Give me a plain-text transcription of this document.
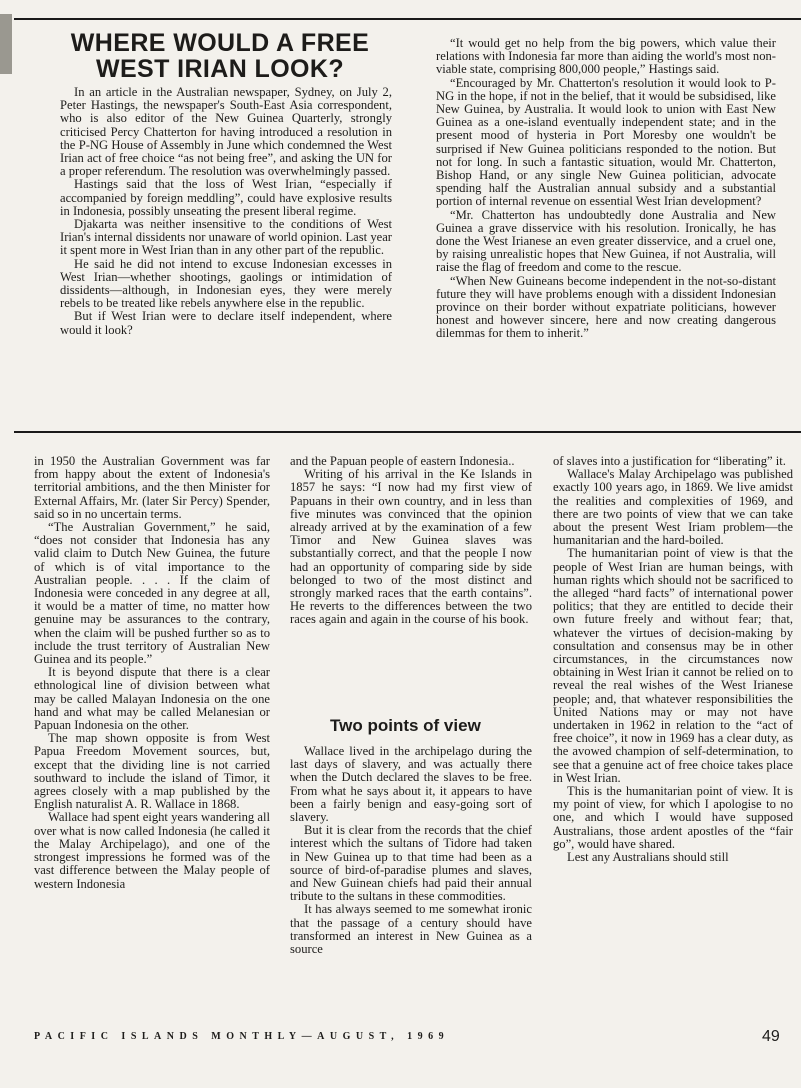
WHERE WOULD A FREE WEST IRIAN LOOK?

In an article in the Australian newspaper, Sydney, on July 2, Peter Hastings, the newspaper's South-East Asia correspondent, who is also editor of the New Guinea Quarterly, strongly criticised Percy Chatterton for having introduced a resolution in the P-NG House of Assembly in June which condemned the West Irian act of free choice “as not being free”, and asking the UN for a proper referendum. The resolution was overwhelmingly passed.

Hastings said that the loss of West Irian, “especially if accompanied by foreign meddling”, could have explosive results in Indonesia, possibly unseating the present liberal regime.

Djakarta was neither insensitive to the conditions of West Irian's internal dissidents nor unaware of world opinion. Last year it spent more in West Irian than in any other part of the republic.

He said he did not intend to excuse Indonesian excesses in West Irian—whether shootings, gaolings or intimidation of dissidents—although, in Indonesian eyes, they were merely rebels to be treated like rebels anywhere else in the republic.

But if West Irian were to declare itself independent, where would it look?

“It would get no help from the big powers, which value their relations with Indonesia far more than aiding the world's most non-viable state, comprising 800,000 people,” Hastings said.

“Encouraged by Mr. Chatterton's resolution it would look to P-NG in the hope, if not in the belief, that it would be subsidised, like New Guinea, by Australia. It would look to union with East New Guinea as a one-island eventually independent state; and in the present mood of hysteria in Port Moresby one wouldn't be surprised if New Guinea politicians responded to the notion. But not for long. In such a fantastic situation, would Mr. Chatterton, Bishop Hand, or any single New Guinea politician, advocate spending half the Australian annual subsidy and a substantial portion of internal revenue on essential West Irian development?

“Mr. Chatterton has undoubtedly done Australia and New Guinea a grave disservice with his resolution. Ironically, he has done the West Irianese an even greater disservice, and a cruel one, by raising unrealistic hopes that New Guinea, if not Australia, will raise the flag of freedom and come to the rescue.

“When New Guineans become independent in the not-so-distant future they will have problems enough with a dissident Indonesian province on their border without expatriate politicians, however honest and however sincere, here and now creating dangerous dilemmas for them to inherit.”

in 1950 the Australian Government was far from happy about the extent of Indonesia's territorial ambitions, and the then Minister for External Affairs, Mr. (later Sir Percy) Spender, said so in no uncertain terms.

“The Australian Government,” he said, “does not consider that Indonesia has any valid claim to Dutch New Guinea, the future of which is of vital importance to the Australian people. . . . If the claim of Indonesia were conceded in any degree at all, it would be a matter of time, no matter how genuine may be assurances to the contrary, when the claim will be pushed further so as to include the trust territory of Australian New Guinea and its people.”

It is beyond dispute that there is a clear ethnological line of division between what may be called Malayan Indonesia on the one hand and what may be called Melanesian or Papuan Indonesia on the other.

The map shown opposite is from West Papua Freedom Movement sources, but, except that the dividing line is not carried southward to include the island of Timor, it agrees closely with a map published by the English naturalist A. R. Wallace in 1868.

Wallace had spent eight years wandering all over what is now called Indonesia (he called it the Malay Archipelago), and one of the strongest impressions he formed was of the vast difference between the Malay people of western Indonesia

and the Papuan people of eastern Indonesia..

Writing of his arrival in the Ke Islands in 1857 he says: “I now had my first view of Papuans in their own country, and in less than five minutes was convinced that the opinion already arrived at by the examination of a few Timor and New Guinea slaves was substantially correct, and that the people I now had an opportunity of comparing side by side belonged to two of the most distinct and strongly marked races that the earth contains”. He reverts to the differences between the two races again and again in the course of his book.

Two points of view

Wallace lived in the archipelago during the last days of slavery, and was actually there when the Dutch declared the slaves to be free. From what he says about it, it appears to have been a fairly benign and easy-going sort of slavery.

But it is clear from the records that the chief interest which the sultans of Tidore had taken in New Guinea up to that time had been as a source of bird-of-paradise plumes and slaves, and New Guinean chiefs had paid their annual tribute to the sultans in these commodities.

It has always seemed to me somewhat ironic that the passage of a century should have transformed an interest in New Guinea as a source

of slaves into a justification for “liberating” it.

Wallace's Malay Archipelago was published exactly 100 years ago, in 1869. We live amidst the realities and complexities of 1969, and there are two points of view that we can take about the present West Iriam problem—the humanitarian and the hard-boiled.

The humanitarian point of view is that the people of West Irian are human beings, with human rights which should not be sacrificed to the alleged “hard facts” of international power politics; that they are entitled to decide their own future freely and without fear; that, whatever the virtues of decision-making by consultation and consensus may be in other circumstances, in the circumstances now obtaining in West Irian it cannot be relied on to reveal the real wishes of the West Irianese people; and, that whatever responsibilities the United Nations may or may not have undertaken in 1962 in relation to the “act of free choice”, it now in 1969 has a clear duty, as the avowed champion of self-determination, to see that a genuine act of free choice takes place in West Irian.

This is the humanitarian point of view. It is my point of view, for which I apologise to no one, and which I would have supposed Australians, those ardent apostles of the “fair go”, would have shared.

Lest any Australians should still

PACIFIC ISLANDS MONTHLY—AUGUST, 1969	49
